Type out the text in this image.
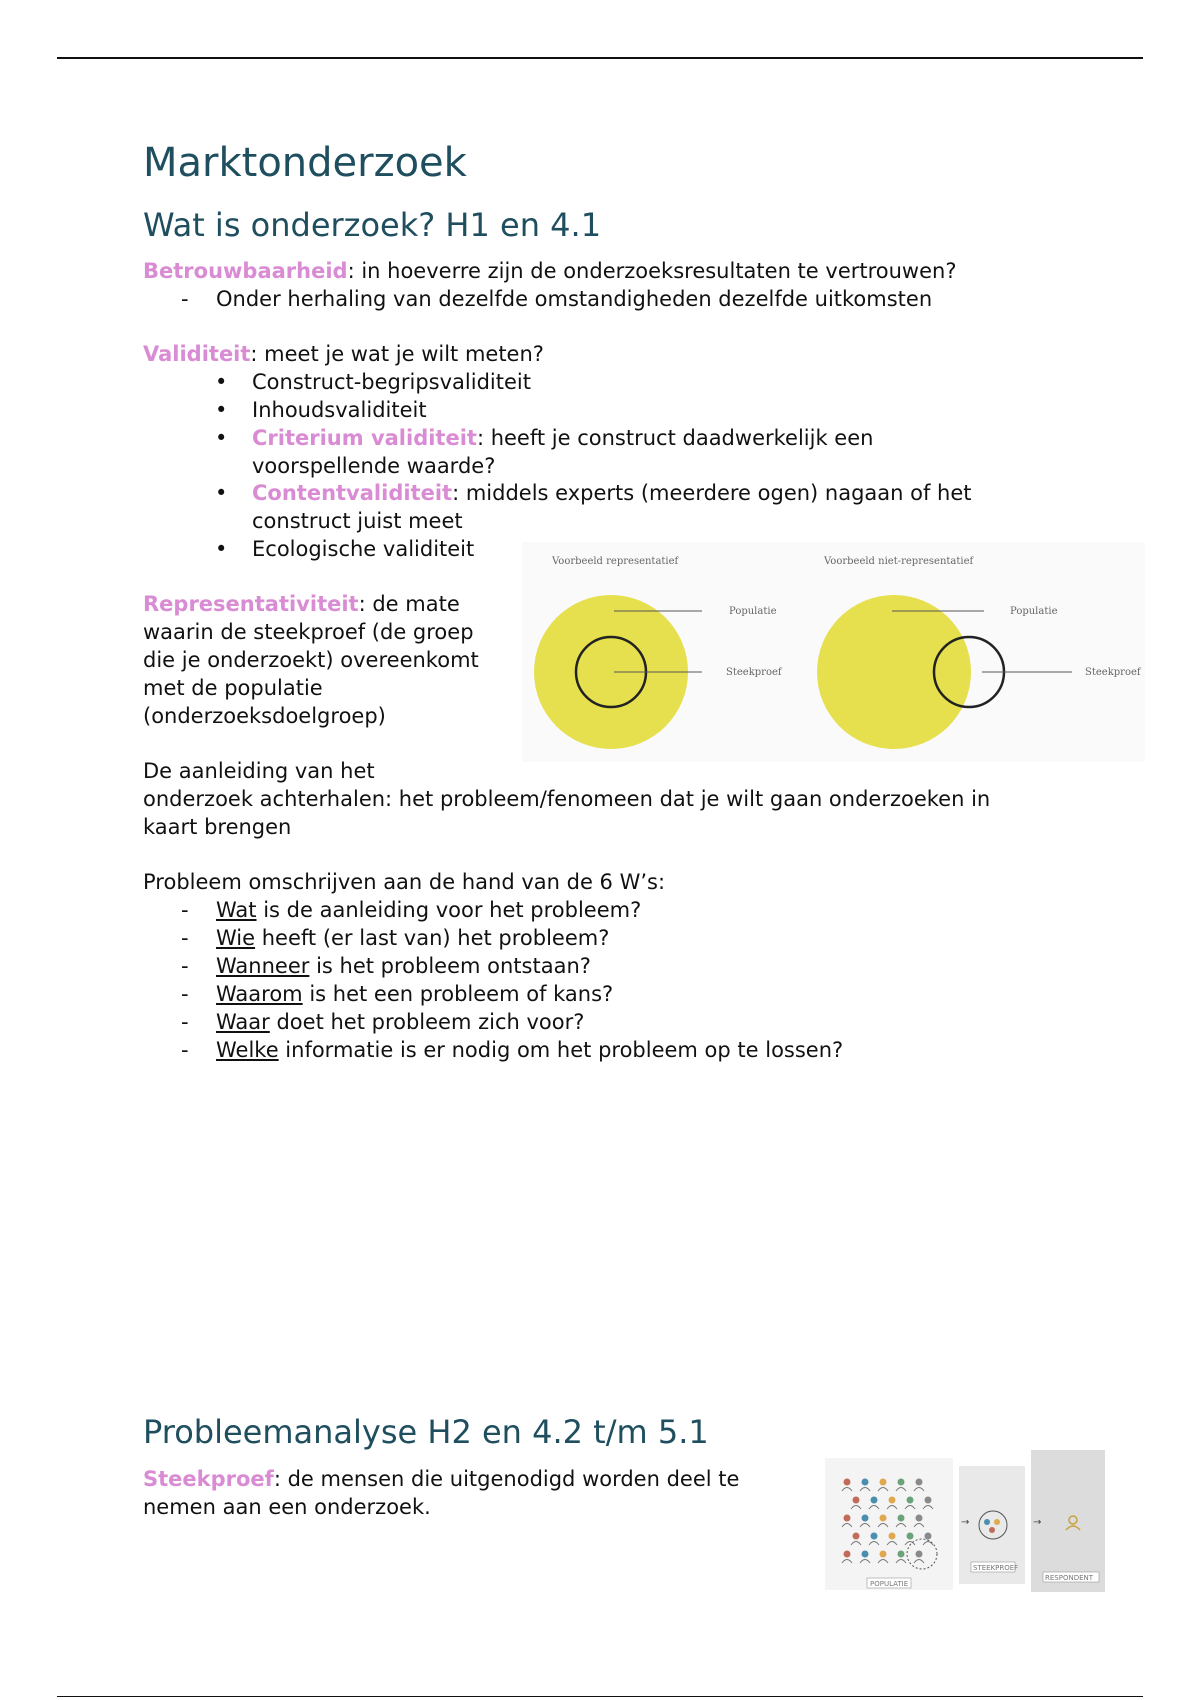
Marktonderzoek
Wat is onderzoek? H1 en 4.1
Betrouwbaarheid: in hoeverre zijn de onderzoeksresultaten te vertrouwen?
- Onder herhaling van dezelfde omstandigheden dezelfde uitkomsten
Validiteit: meet je wat je wilt meten?
• Construct-begripsvaliditeit
• Inhoudsvaliditeit
• Criterium validiteit: heeft je construct daadwerkelijk een
voorspellende waarde?
• Contentvaliditeit: middels experts (meerdere ogen) nagaan of het
construct juist meet
• Ecologische validiteit
Representativiteit: de mate
waarin de steekproef (de groep
die je onderzoekt) overeenkomt
met de populatie
(onderzoeksdoelgroep)
De aanleiding van het
onderzoek achterhalen: het probleem/fenomeen dat je wilt gaan onderzoeken in
kaart brengen
Probleem omschrijven aan de hand van de 6 W’s:
- Wat is de aanleiding voor het probleem?
- Wie heeft (er last van) het probleem?
- Wanneer is het probleem ontstaan?
- Waarom is het een probleem of kans?
- Waar doet het probleem zich voor?
- Welke informatie is er nodig om het probleem op te lossen?
Probleemanalyse H2 en 4.2 t/m 5.1
Steekproef: de mensen die uitgenodigd worden deel te
nemen aan een onderzoek.
Voorbeeld representatief	Voorbeeld niet-representatief
Populatie
Steekproef
Populatie
Steekproef
→	→
POPULATIE
STEEKPROEF
RESPONDENT
